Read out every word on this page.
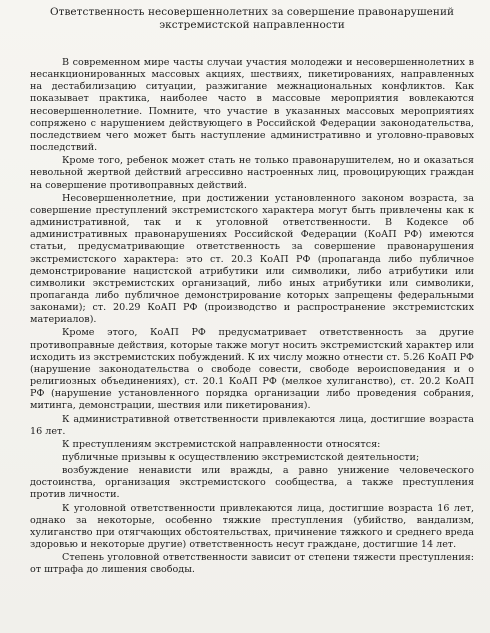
Ответственность несовершеннолетних за совершение правонарушений
экстремистской направленности

В современном мире часты случаи участия молодежи и несовершеннолетних в несанкционированных массовых акциях, шествиях, пикетированиях, направленных на дестабилизацию ситуации, разжигание межнациональных конфликтов. Как показывает практика, наиболее часто в массовые мероприятия вовлекаются несовершеннолетние. Помните, что участие в указанных массовых мероприятиях сопряжено с нарушением действующего в Российской Федерации законодательства, последствием чего может быть наступление административно и уголовно-правовых последствий.

Кроме того, ребенок может стать не только правонарушителем, но и оказаться невольной жертвой действий агрессивно настроенных лиц, провоцирующих граждан на совершение противоправных действий.

Несовершеннолетние, при достижении установленного законом возраста, за совершение преступлений экстремистского характера могут быть привлечены как к административной, так и к уголовной ответственности. В Кодексе об административных правонарушениях Российской Федерации (КоАП РФ) имеются статьи, предусматривающие ответственность за совершение правонарушения экстремистского характера: это ст. 20.3 КоАП РФ (пропаганда либо публичное демонстрирование нацистской атрибутики или символики, либо атрибутики или символики экстремистских организаций, либо иных атрибутики или символики, пропаганда либо публичное демонстрирование которых запрещены федеральными законами); ст. 20.29 КоАП РФ (производство и распространение экстремистских материалов).

Кроме этого, КоАП РФ предусматривает ответственность за другие противоправные действия, которые также могут носить экстремистский характер или исходить из экстремистских побуждений. К их числу можно отнести ст. 5.26 КоАП РФ (нарушение законодательства о свободе совести, свободе вероисповедания и о религиозных объединениях), ст. 20.1 КоАП РФ (мелкое хулиганство), ст. 20.2 КоАП РФ (нарушение установленного порядка организации либо проведения собрания, митинга, демонстрации, шествия или пикетирования).

К административной ответственности привлекаются лица, достигшие возраста 16 лет.

К преступлениям экстремистской направленности относятся:

публичные призывы к осуществлению экстремистской деятельности;

возбуждение ненависти или вражды, а равно унижение человеческого достоинства, организация экстремистского сообщества, а также преступления против личности.

К уголовной ответственности привлекаются лица, достигшие возраста 16 лет, однако за некоторые, особенно тяжкие преступления (убийство, вандализм, хулиганство при отягчающих обстоятельствах, причинение тяжкого и среднего вреда здоровью и некоторые другие) ответственность несут граждане, достигшие 14 лет.

Степень уголовной ответственности зависит от степени тяжести преступления: от штрафа до лишения свободы.
